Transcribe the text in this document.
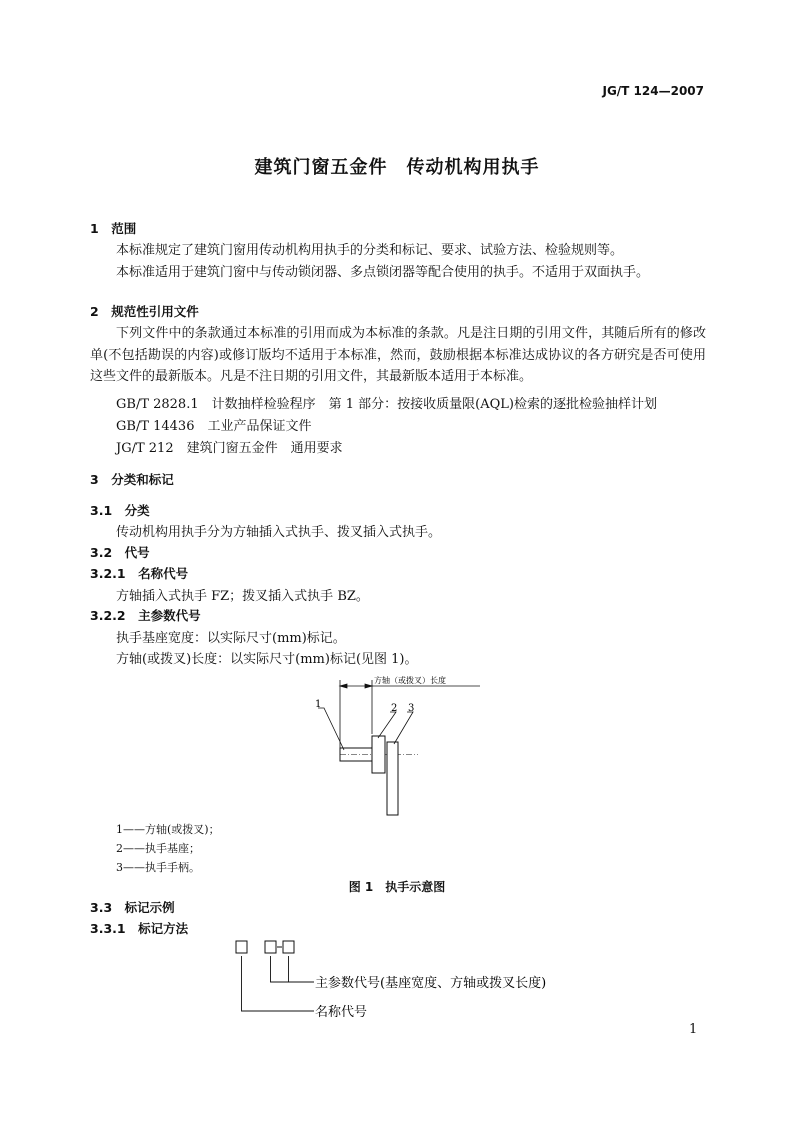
JG/T 124—2007
建筑门窗五金件　传动机构用执手
1　范围
本标准规定了建筑门窗用传动机构用执手的分类和标记、要求、试验方法、检验规则等。
本标准适用于建筑门窗中与传动锁闭器、多点锁闭器等配合使用的执手。不适用于双面执手。
2　规范性引用文件
下列文件中的条款通过本标准的引用而成为本标准的条款。凡是注日期的引用文件，其随后所有的修改单(不包括勘误的内容)或修订版均不适用于本标准，然而，鼓励根据本标准达成协议的各方研究是否可使用这些文件的最新版本。凡是不注日期的引用文件，其最新版本适用于本标准。
GB/T 2828.1　计数抽样检验程序　第 1 部分：按接收质量限(AQL)检索的逐批检验抽样计划
GB/T 14436　工业产品保证文件
JG/T 212　建筑门窗五金件　通用要求
3　分类和标记
3.1　分类
传动机构用执手分为方轴插入式执手、拨叉插入式执手。
3.2　代号
3.2.1　名称代号
方轴插入式执手 FZ；拨叉插入式执手 BZ。
3.2.2　主参数代号
执手基座宽度：以实际尺寸(mm)标记。
方轴(或拨叉)长度：以实际尺寸(mm)标记(见图 1)。
方轴（或拨叉）长度
1	2 3
1——方轴(或拨叉)；
2——执手基座；
3——执手手柄。
图 1　执手示意图
3.3　标记示例
3.3.1　标记方法
主参数代号(基座宽度、方轴或拨叉长度)
名称代号
1
